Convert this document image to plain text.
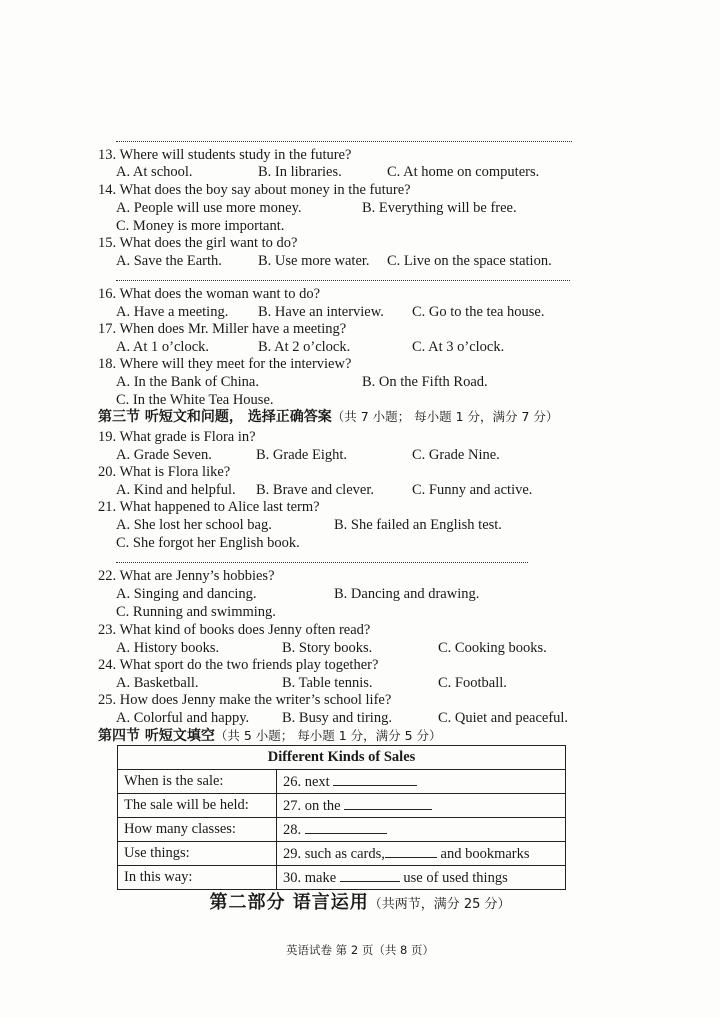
13. Where will students study in the future?
A. At school.	B. In libraries.	C. At home on computers.
14. What does the boy say about money in the future?
A. People will use more money.	B. Everything will be free.
C. Money is more important.
15. What does the girl want to do?
A. Save the Earth. B. Use more water. C. Live on the space station.
16. What does the woman want to do?
A. Have a meeting. B. Have an interview. C. Go to the tea house.
17. When does Mr. Miller have a meeting?
A. At 1 o’clock.	B. At 2 o’clock.	C. At 3 o’clock.
18. Where will they meet for the interview?
A. In the Bank of China.	B. On the Fifth Road.
C. In the White Tea House.
第三节 听短文和问题， 选择正确答案（共 7 小题； 每小题 1 分，满分 7 分）
19. What grade is Flora in?
A. Grade Seven.	B. Grade Eight.	C. Grade Nine.
20. What is Flora like?
A. Kind and helpful. B. Brave and clever.	C. Funny and active.
21. What happened to Alice last term?
A. She lost her school bag.	B. She failed an English test.
C. She forgot her English book.
22. What are Jenny’s hobbies?
A. Singing and dancing.	B. Dancing and drawing.
C. Running and swimming.
23. What kind of books does Jenny often read?
A. History books.	B. Story books.	C. Cooking books.
24. What sport do the two friends play together?
A. Basketball.	B. Table tennis.	C. Football.
25. How does Jenny make the writer’s school life?
A. Colorful and happy. B. Busy and tiring.	C. Quiet and peaceful.
第四节 听短文填空（共 5 小题； 每小题 1 分，满分 5 分）
Different Kinds of Sales	
When is the sale:	26. next
The sale will be held:	27. on the
How many classes:	28.
Use things:	29. such as cards, and bookmarks
In this way:	30. make use of used things
第二部分 语言运用（共两节，满分 25 分）
英语试卷 第 2 页（共 8 页）
